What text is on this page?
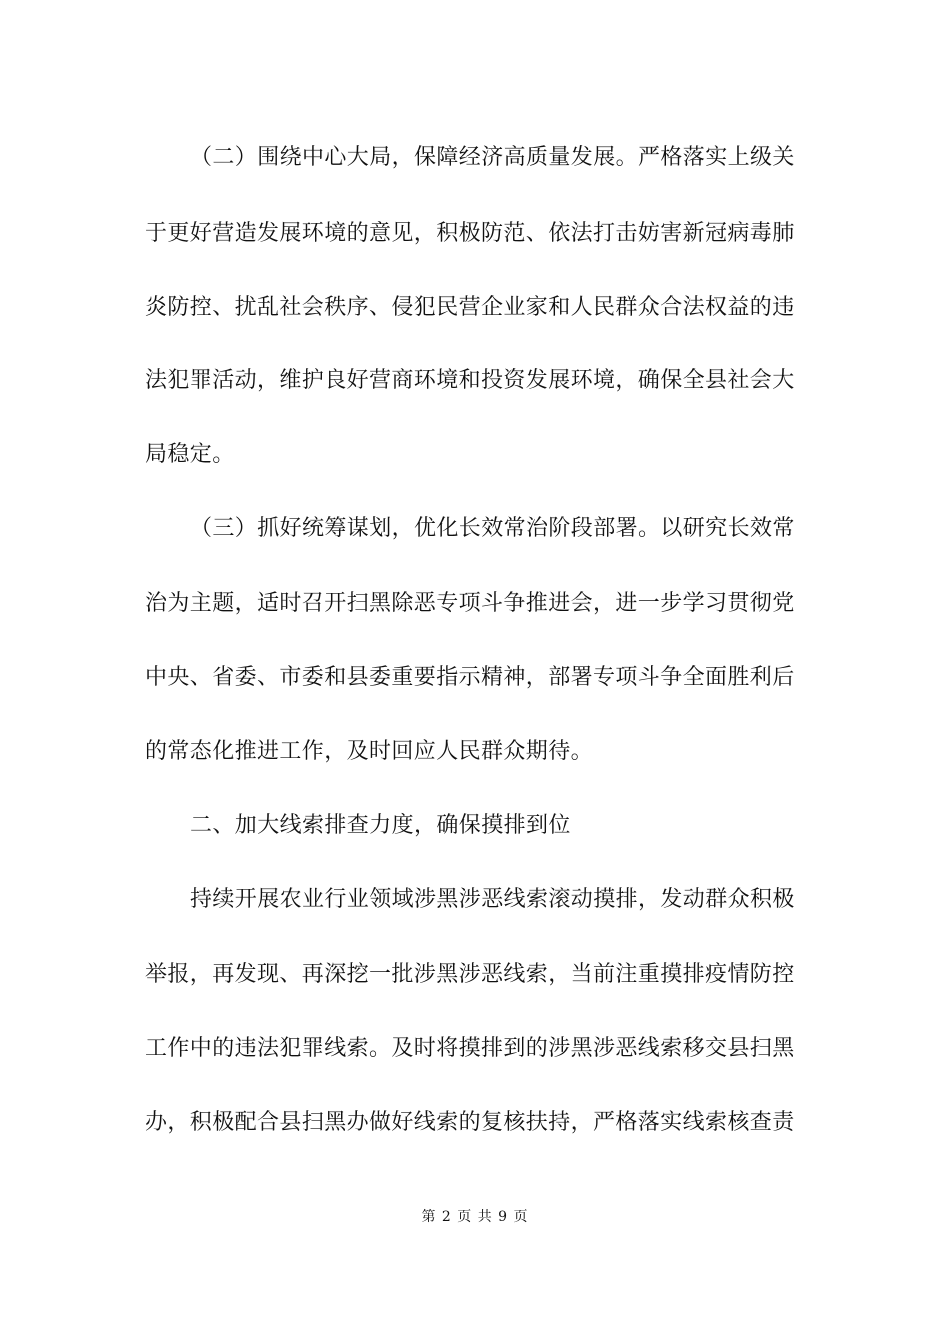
（二）围绕中心大局，保障经济高质量发展。严格落实上级关
于更好营造发展环境的意见，积极防范、依法打击妨害新冠病毒肺
炎防控、扰乱社会秩序、侵犯民营企业家和人民群众合法权益的违
法犯罪活动，维护良好营商环境和投资发展环境，确保全县社会大
局稳定。
（三）抓好统筹谋划，优化长效常治阶段部署。以研究长效常
治为主题，适时召开扫黑除恶专项斗争推进会，进一步学习贯彻党
中央、省委、市委和县委重要指示精神，部署专项斗争全面胜利后
的常态化推进工作，及时回应人民群众期待。
二、加大线索排查力度，确保摸排到位
持续开展农业行业领域涉黑涉恶线索滚动摸排，发动群众积极
举报，再发现、再深挖一批涉黑涉恶线索，当前注重摸排疫情防控
工作中的违法犯罪线索。及时将摸排到的涉黑涉恶线索移交县扫黑
办，积极配合县扫黑办做好线索的复核扶持，严格落实线索核查责
第 2 页 共 9 页
